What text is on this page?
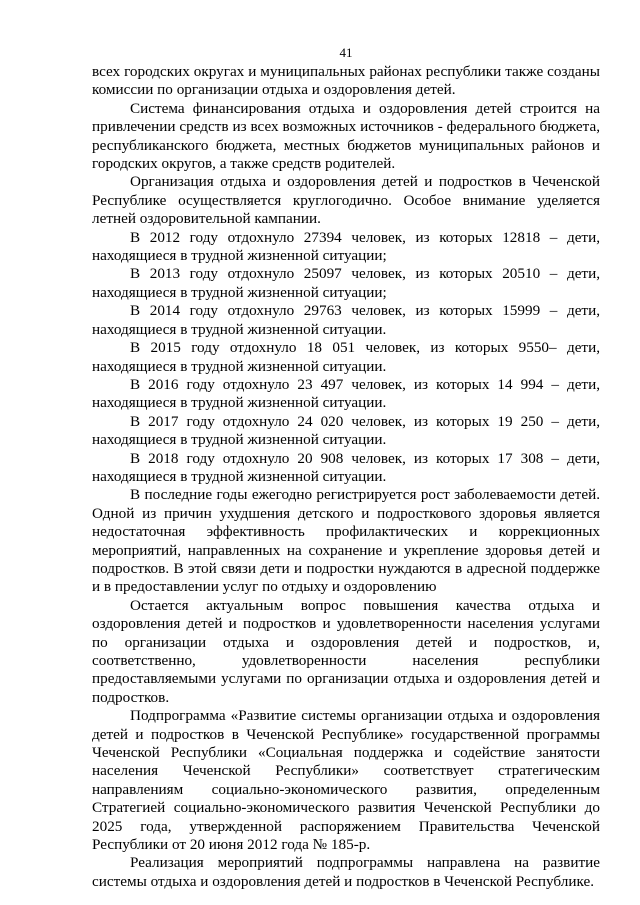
41

всех городских округах и муниципальных районах республики также созданы комиссии по организации отдыха и оздоровления детей.

Система финансирования отдыха и оздоровления детей строится на привлечении средств из всех возможных источников - федерального бюджета, республиканского бюджета, местных бюджетов муниципальных районов и городских округов, а также средств родителей.

Организация отдыха и оздоровления детей и подростков в Чеченской Республике осуществляется круглогодично. Особое внимание уделяется летней оздоровительной кампании.

В 2012 году отдохнуло 27394 человек, из которых 12818 – дети, находящиеся в трудной жизненной ситуации;

В 2013 году отдохнуло 25097 человек, из которых 20510 – дети, находящиеся в трудной жизненной ситуации;

В 2014 году отдохнуло 29763 человек, из которых 15999 – дети, находящиеся в трудной жизненной ситуации.

В 2015 году отдохнуло 18 051 человек, из которых 9550– дети, находящиеся в трудной жизненной ситуации.

В 2016 году отдохнуло 23 497 человек, из которых 14 994 – дети, находящиеся в трудной жизненной ситуации.

В 2017 году отдохнуло 24 020 человек, из которых 19 250 – дети, находящиеся в трудной жизненной ситуации.

В 2018 году отдохнуло 20 908 человек, из которых 17 308 – дети, находящиеся в трудной жизненной ситуации.

В последние годы ежегодно регистрируется рост заболеваемости детей. Одной из причин ухудшения детского и подросткового здоровья является недостаточная эффективность профилактических и коррекционных мероприятий, направленных на сохранение и укрепление здоровья детей и подростков. В этой связи дети и подростки нуждаются в адресной поддержке и в предоставлении услуг по отдыху и оздоровлению

Остается актуальным вопрос повышения качества отдыха и оздоровления детей и подростков и удовлетворенности населения услугами по организации отдыха и оздоровления детей и подростков, и, соответственно, удовлетворенности населения республики предоставляемыми услугами по организации отдыха и оздоровления детей и подростков.

Подпрограмма «Развитие системы организации отдыха и оздоровления детей и подростков в Чеченской Республике» государственной программы Чеченской Республики «Социальная поддержка и содействие занятости населения Чеченской Республики» соответствует стратегическим направлениям социально-экономического развития, определенным Стратегией социально-экономического развития Чеченской Республики до 2025 года, утвержденной распоряжением Правительства Чеченской Республики от 20 июня 2012 года № 185-р.

Реализация мероприятий подпрограммы направлена на развитие системы отдыха и оздоровления детей и подростков в Чеченской Республике.
